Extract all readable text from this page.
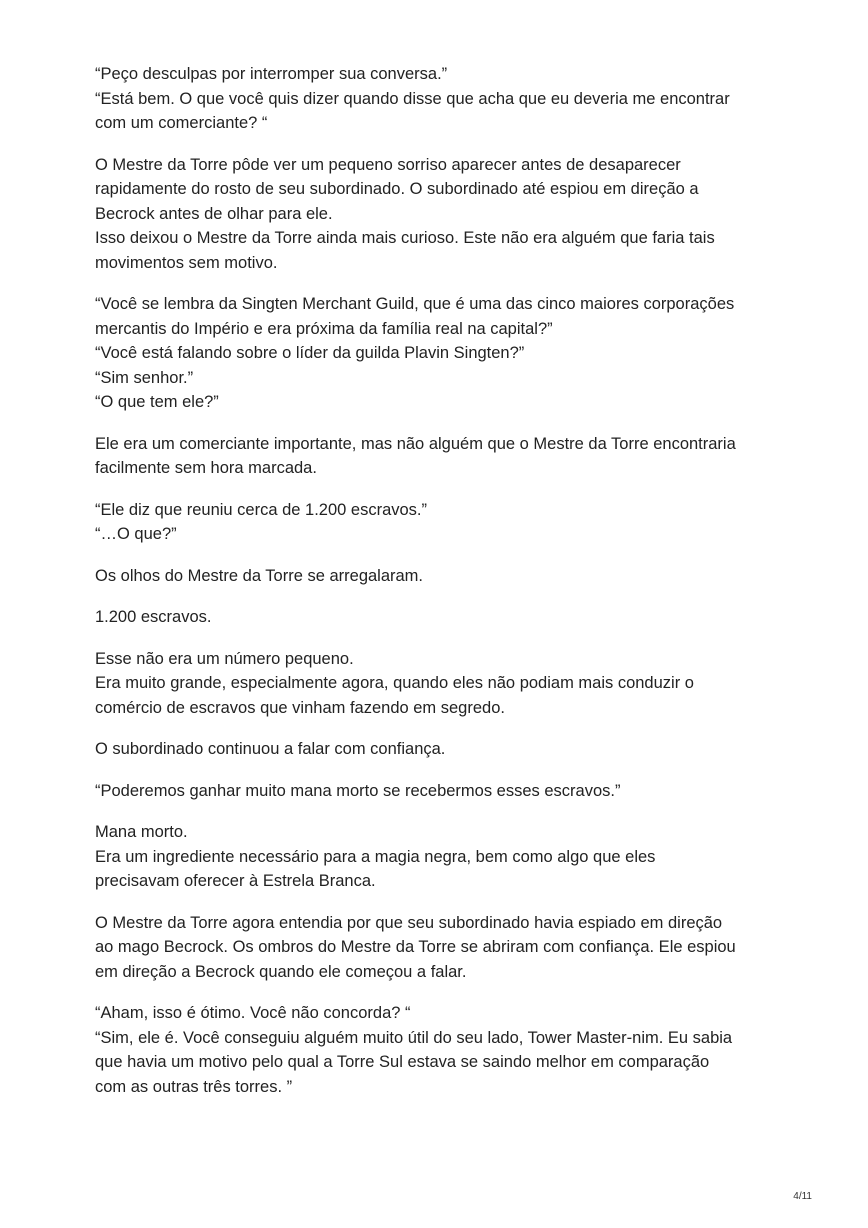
“Peço desculpas por interromper sua conversa.”
“Está bem. O que você quis dizer quando disse que acha que eu deveria me encontrar
com um comerciante? “

O Mestre da Torre pôde ver um pequeno sorriso aparecer antes de desaparecer
rapidamente do rosto de seu subordinado. O subordinado até espiou em direção a
Becrock antes de olhar para ele.
Isso deixou o Mestre da Torre ainda mais curioso. Este não era alguém que faria tais
movimentos sem motivo.

“Você se lembra da Singten Merchant Guild, que é uma das cinco maiores corporações
mercantis do Império e era próxima da família real na capital?”
“Você está falando sobre o líder da guilda Plavin Singten?”
“Sim senhor.”
“O que tem ele?”

Ele era um comerciante importante, mas não alguém que o Mestre da Torre encontraria
facilmente sem hora marcada.

“Ele diz que reuniu cerca de 1.200 escravos.”
“…O que?”

Os olhos do Mestre da Torre se arregalaram.

1.200 escravos.

Esse não era um número pequeno.
Era muito grande, especialmente agora, quando eles não podiam mais conduzir o
comércio de escravos que vinham fazendo em segredo.

O subordinado continuou a falar com confiança.

“Poderemos ganhar muito mana morto se recebermos esses escravos.”

Mana morto.
Era um ingrediente necessário para a magia negra, bem como algo que eles
precisavam oferecer à Estrela Branca.

O Mestre da Torre agora entendia por que seu subordinado havia espiado em direção
ao mago Becrock. Os ombros do Mestre da Torre se abriram com confiança. Ele espiou
em direção a Becrock quando ele começou a falar.

“Aham, isso é ótimo. Você não concorda? “
“Sim, ele é. Você conseguiu alguém muito útil do seu lado, Tower Master-nim. Eu sabia
que havia um motivo pelo qual a Torre Sul estava se saindo melhor em comparação
com as outras três torres. ”

4/11
